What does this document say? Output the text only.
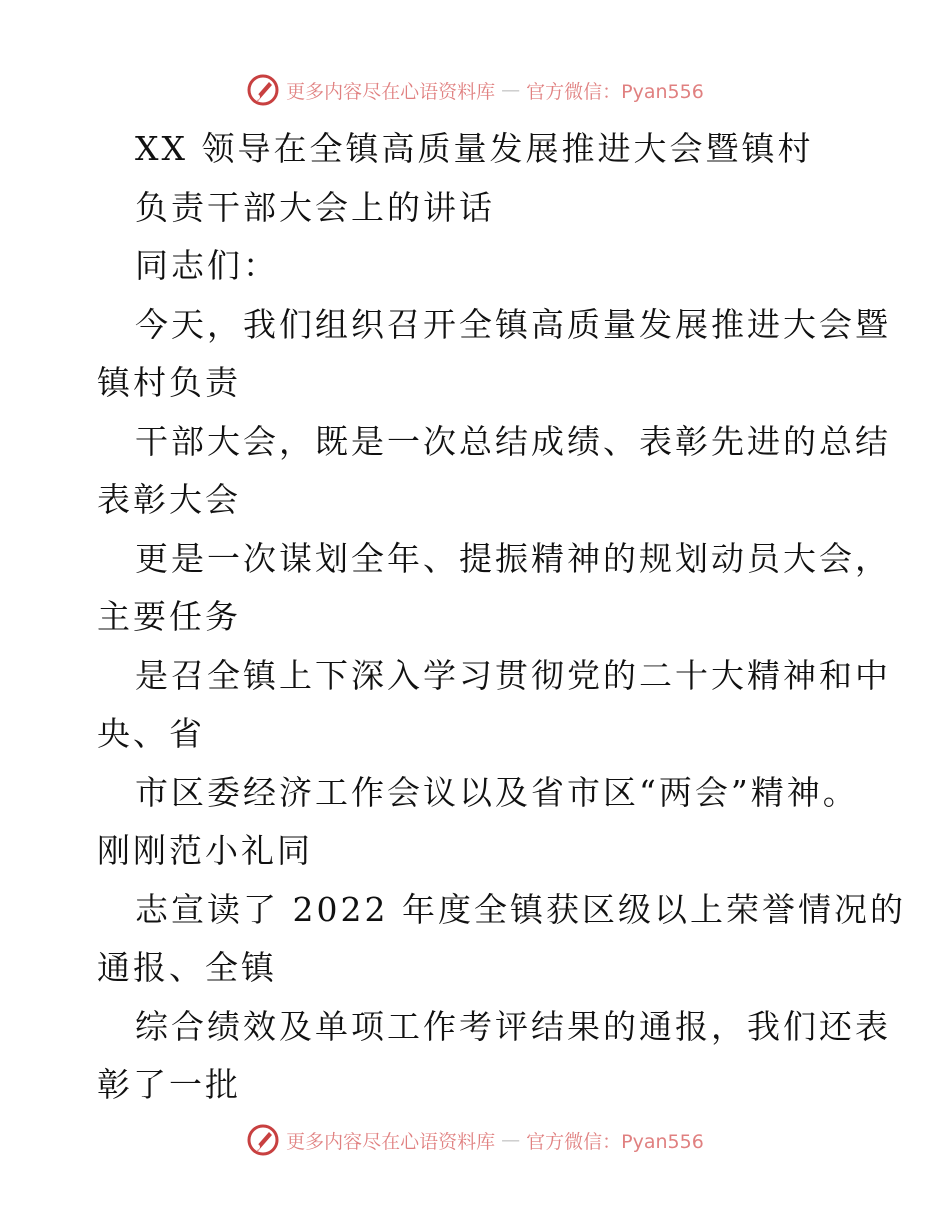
更多内容尽在心语资料库 — 官方微信：Pyan556
XX 领导在全镇高质量发展推进大会暨镇村
负责干部大会上的讲话
同志们：
今天，我们组织召开全镇高质量发展推进大会暨
镇村负责
干部大会，既是一次总结成绩、表彰先进的总结
表彰大会
更是一次谋划全年、提振精神的规划动员大会，
主要任务
是召全镇上下深入学习贯彻党的二十大精神和中
央、省
市区委经济工作会议以及省市区“两会”精神。
刚刚范小礼同
志宣读了 2022 年度全镇获区级以上荣誉情况的
通报、全镇
综合绩效及单项工作考评结果的通报，我们还表
彰了一批
更多内容尽在心语资料库 — 官方微信：Pyan556
